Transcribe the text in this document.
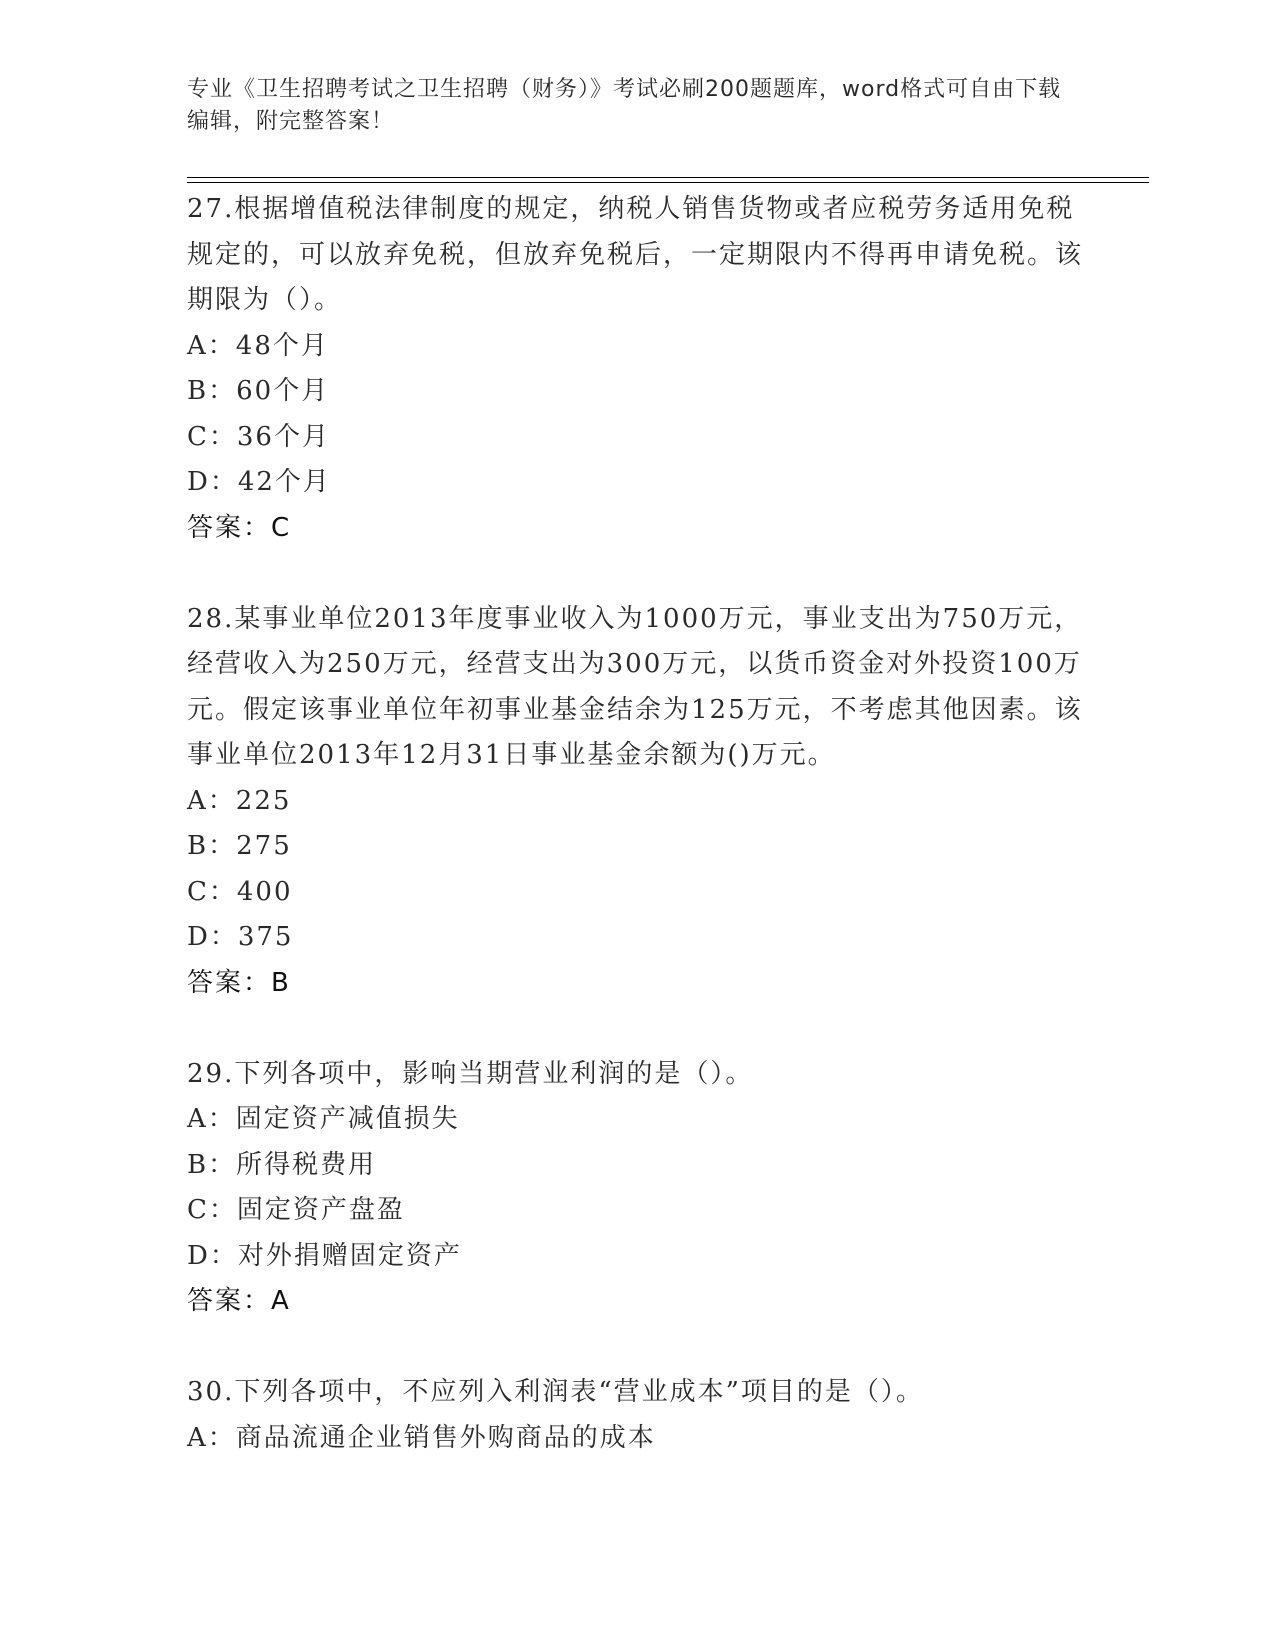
专业《卫生招聘考试之卫生招聘（财务）》考试必刷200题题库，word格式可自由下载编辑，附完整答案！

27.根据增值税法律制度的规定，纳税人销售货物或者应税劳务适用免税规定的，可以放弃免税，但放弃免税后，一定期限内不得再申请免税。该期限为（）。

A：48个月

B：60个月

C：36个月

D：42个月

答案：C

28.某事业单位2013年度事业收入为1000万元，事业支出为750万元，经营收入为250万元，经营支出为300万元，以货币资金对外投资100万元。假定该事业单位年初事业基金结余为125万元，不考虑其他因素。该事业单位2013年12月31日事业基金余额为()万元。

A：225

B：275

C：400

D：375

答案：B

29.下列各项中，影响当期营业利润的是（）。

A：固定资产减值损失

B：所得税费用

C：固定资产盘盈

D：对外捐赠固定资产

答案：A

30.下列各项中，不应列入利润表“营业成本”项目的是（）。

A：商品流通企业销售外购商品的成本
